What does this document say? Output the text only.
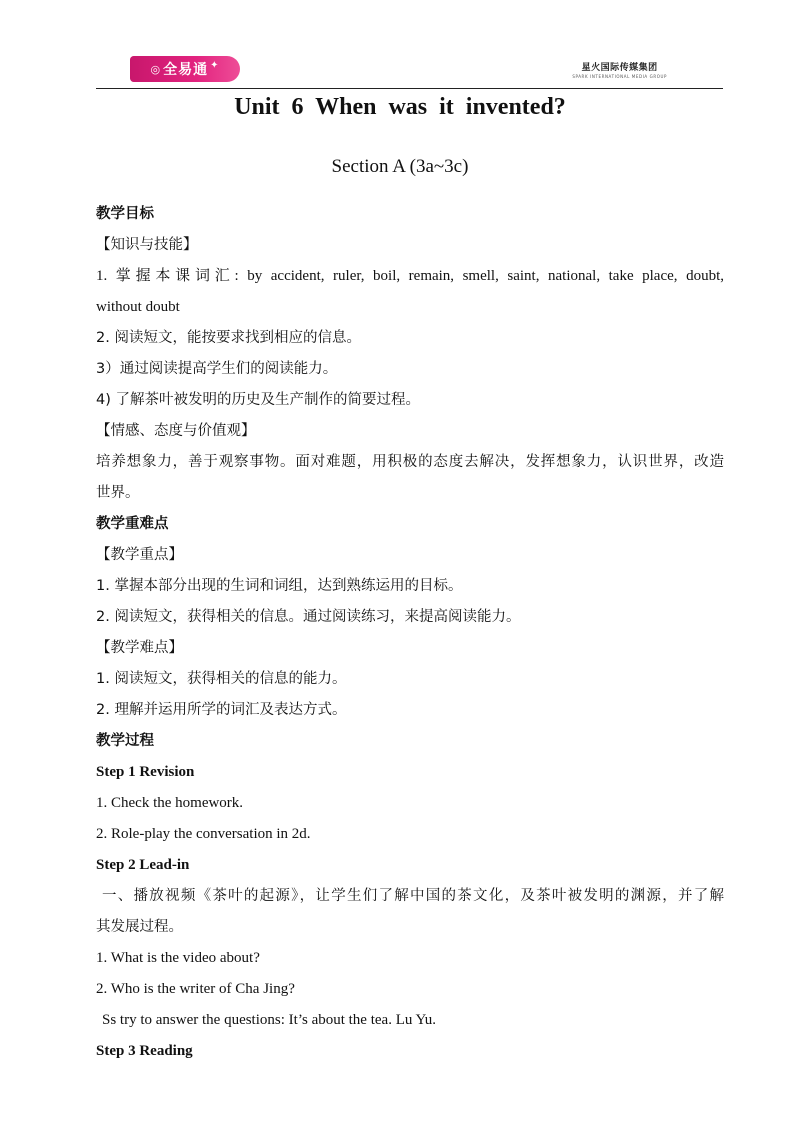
◎ 全易通 ✦	星火国际传媒集团
SPARK INTERNATIONAL MEDIA GROUP
Unit 6 When was it invented?
Section A (3a~3c)
教学目标
【知识与技能】
1. 掌握本课词汇: by accident, ruler, boil, remain, smell, saint, national, take place, doubt,
without doubt
2. 阅读短文，能按要求找到相应的信息。
3）通过阅读提高学生们的阅读能力。
4) 了解茶叶被发明的历史及生产制作的简要过程。
【情感、态度与价值观】
培养想象力，善于观察事物。面对难题，用积极的态度去解决，发挥想象力，认识世界，改造
世界。
教学重难点
【教学重点】
1. 掌握本部分出现的生词和词组，达到熟练运用的目标。
2. 阅读短文，获得相关的信息。通过阅读练习，来提高阅读能力。
【教学难点】
1. 阅读短文，获得相关的信息的能力。
2. 理解并运用所学的词汇及表达方式。
教学过程
Step 1 Revision
1. Check the homework.
2. Role-play the conversation in 2d.
Step 2 Lead-in
一、播放视频《茶叶的起源》，让学生们了解中国的茶文化，及茶叶被发明的渊源，并了解
其发展过程。
1. What is the video about?
2. Who is the writer of Cha Jing?
Ss try to answer the questions: It’s about the tea. Lu Yu.
Step 3 Reading
